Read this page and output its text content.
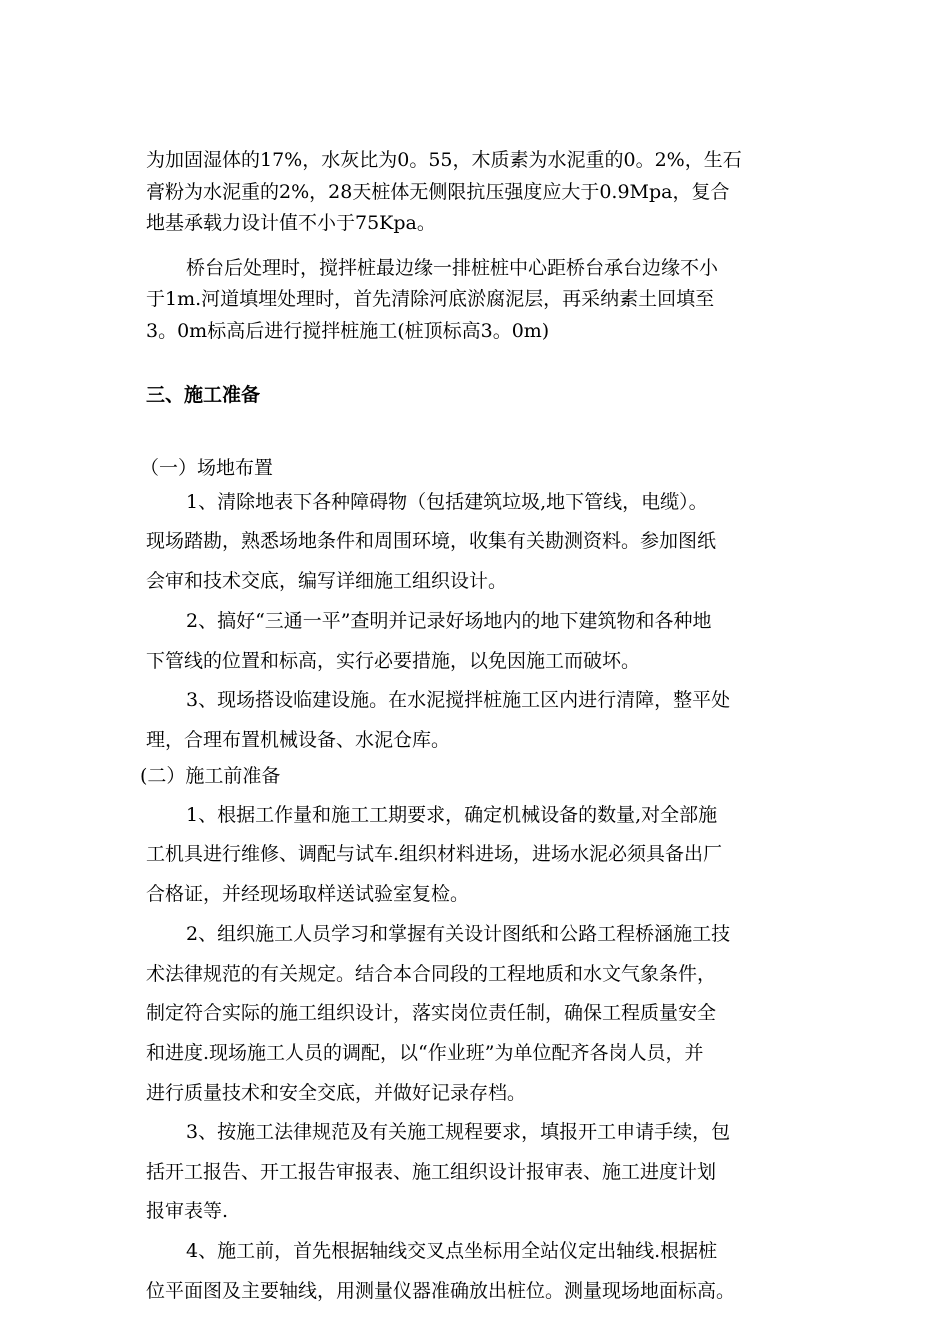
为加固湿体的17%，水灰比为0。55，木质素为水泥重的0。2%，生石

膏粉为水泥重的2%，28天桩体无侧限抗压强度应大于0.9Mpa，复合

地基承载力设计值不小于75Kpa。

桥台后处理时，搅拌桩最边缘一排桩桩中心距桥台承台边缘不小

于1m.河道填埋处理时，首先清除河底淤腐泥层，再采纳素土回填至

3。0m标高后进行搅拌桩施工(桩顶标高3。0m)

三、施工准备

（一）场地布置

1、清除地表下各种障碍物（包括建筑垃圾,地下管线，电缆）。

现场踏勘，熟悉场地条件和周围环境，收集有关勘测资料。参加图纸

会审和技术交底，编写详细施工组织设计。

2、搞好“三通一平”查明并记录好场地内的地下建筑物和各种地

下管线的位置和标高，实行必要措施，以免因施工而破坏。

3、现场搭设临建设施。在水泥搅拌桩施工区内进行清障，整平处

理，合理布置机械设备、水泥仓库。

(二）施工前准备

1、根据工作量和施工工期要求，确定机械设备的数量,对全部施

工机具进行维修、调配与试车.组织材料进场，进场水泥必须具备出厂

合格证，并经现场取样送试验室复检。

2、组织施工人员学习和掌握有关设计图纸和公路工程桥涵施工技

术法律规范的有关规定。结合本合同段的工程地质和水文气象条件，

制定符合实际的施工组织设计，落实岗位责任制，确保工程质量安全

和进度.现场施工人员的调配，以“作业班”为单位配齐各岗人员，并

进行质量技术和安全交底，并做好记录存档。

3、按施工法律规范及有关施工规程要求，填报开工申请手续，包

括开工报告、开工报告审报表、施工组织设计报审表、施工进度计划

报审表等.

4、施工前，首先根据轴线交叉点坐标用全站仪定出轴线.根据桩

位平面图及主要轴线，用测量仪器准确放出桩位。测量现场地面标高。
